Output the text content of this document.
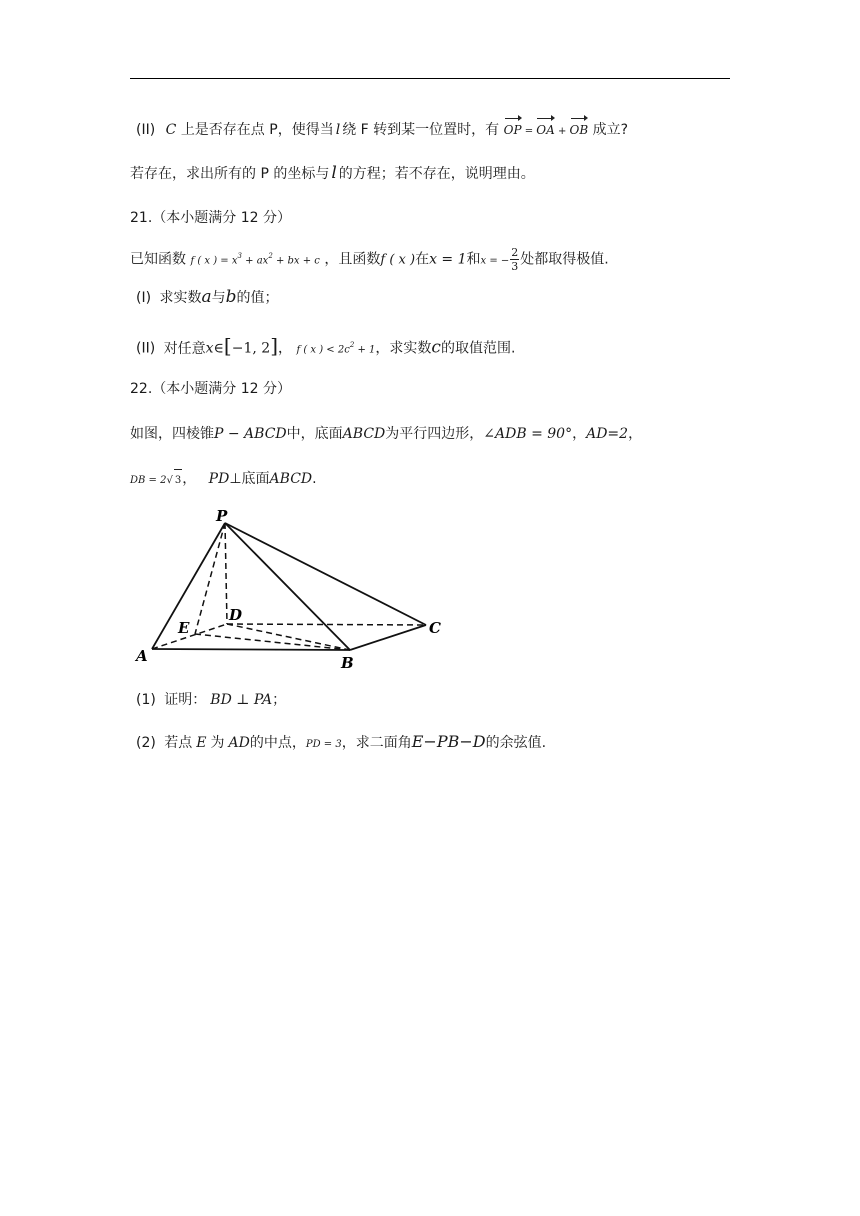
(II) C 上是否存在点 P，使得当 l 绕 F 转到某一位置时，有 OP = OA + OB 成立?
若存在，求出所有的 P 的坐标与 l 的方程；若不存在，说明理由。
21.（本小题满分 12 分）
已知函数 f ( x ) = $x^3 + ax^2$ + bx + c ，且函数f ( x )在x = 1和x = − $\frac{2}{3}$ 处都取得极值.
(I) 求实数a与b的值；
(II) 对任意x∈[−1, 2]， f ( x ) < $2c^2 + 1$，求实数c的取值范围.
22.（本小题满分 12 分）
如图，四棱锥P − ABCD中，底面ABCD为平行四边形，∠ADB = 90°，AD=2，
DB = 2√ 3， PD⊥底面ABCD.
P
D
E	C
A	B
(1) 证明： BD ⊥ PA；
(2) 若点 E 为 AD的中点，PD = 3，求二面角E−PB−D的余弦值.
